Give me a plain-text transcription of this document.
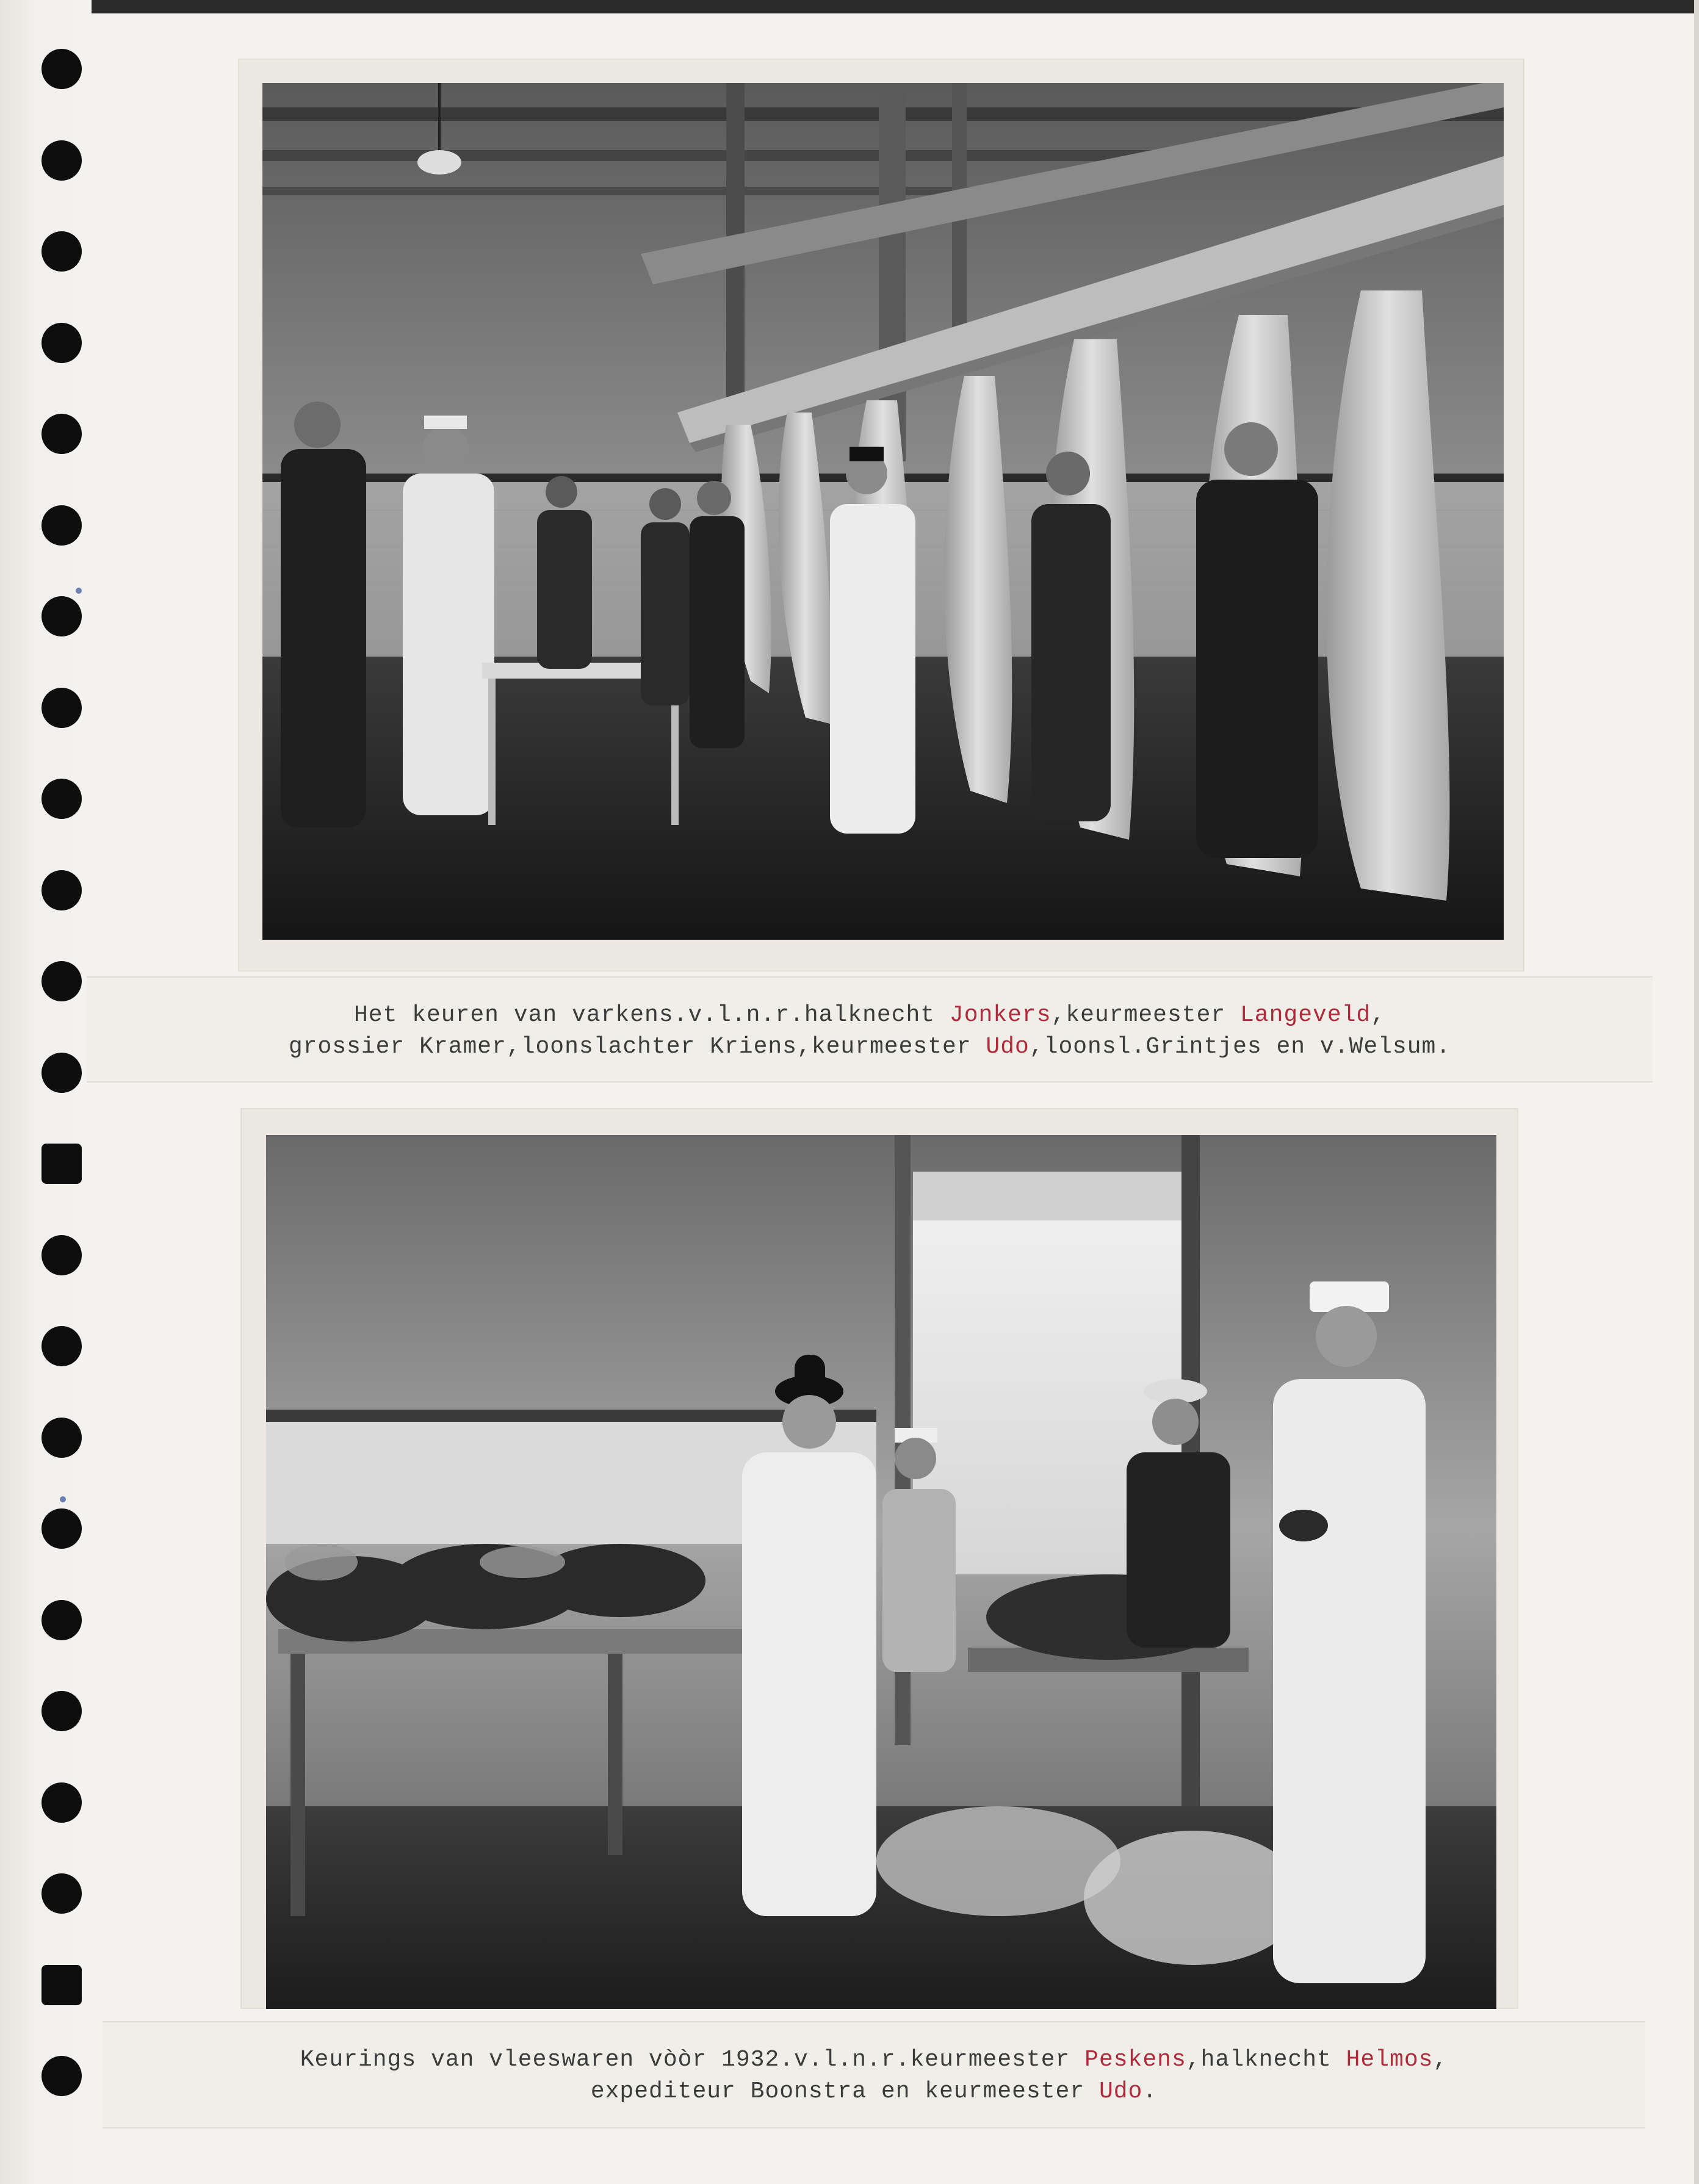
Het keuren van varkens.v.l.n.r.halknecht Jonkers,keurmeester Langeveld,
grossier Kramer,loonslachter Kriens,keurmeester Udo,loonsl.Grintjes en v.Welsum.
Keurings van vleeswaren vòòr 1932.v.l.n.r.keurmeester Peskens,halknecht Helmos,
expediteur Boonstra en keurmeester Udo.
